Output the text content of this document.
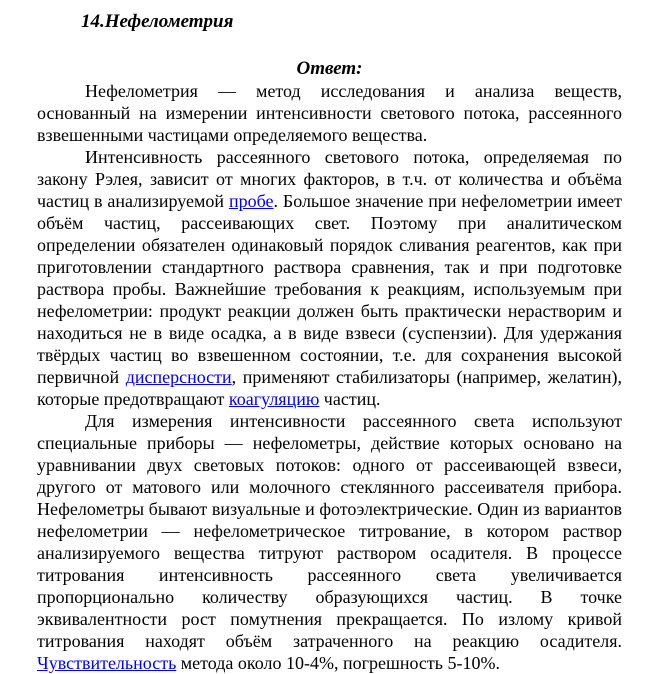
14.Нефелометрия
Ответ:

Нефелометрия — метод исследования и анализа веществ, основанный на измерении интенсивности светового потока, рассеянного взвешенными частицами определяемого вещества.

Интенсивность рассеянного светового потока, определяемая по закону Рэлея, зависит от многих факторов, в т.ч. от количества и объёма частиц в анализируемой пробе. Большое значение при нефелометрии имеет объём частиц, рассеивающих свет. Поэтому при аналитическом определении обязателен одинаковый порядок сливания реагентов, как при приготовлении стандартного раствора сравнения, так и при подготовке раствора пробы. Важнейшие требования к реакциям, используемым при нефелометрии: продукт реакции должен быть практически нерастворим и находиться не в виде осадка, а в виде взвеси (суспензии). Для удержания твёрдых частиц во взвешенном состоянии, т.е. для сохранения высокой первичной дисперсности, применяют стабилизаторы (например, желатин), которые предотвращают коагуляцию частиц.

Для измерения интенсивности рассеянного света используют специальные приборы — нефелометры, действие которых основано на уравнивании двух световых потоков: одного от рассеивающей взвеси, другого от матового или молочного стеклянного рассеивателя прибора. Нефелометры бывают визуальные и фотоэлектрические. Один из вариантов нефелометрии — нефелометрическое титрование, в котором раствор анализируемого вещества титруют раствором осадителя. В процессе титрования интенсивность рассеянного света увеличивается пропорционально количеству образующихся частиц. В точке эквивалентности рост помутнения прекращается. По излому кривой титрования находят объём затраченного на реакцию осадителя. Чувствительность метода около 10-4%, погрешность 5-10%.
